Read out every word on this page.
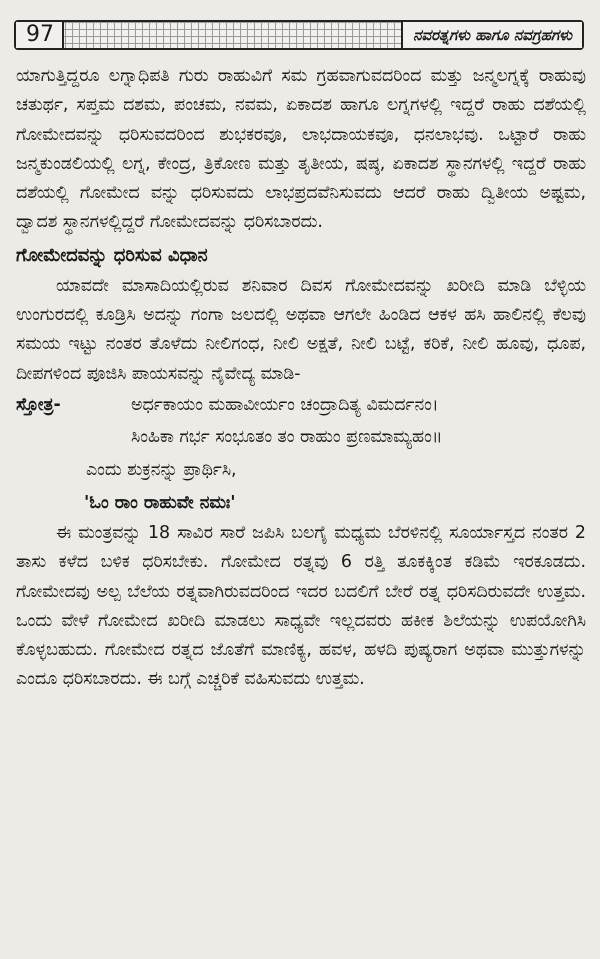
97	ನವರತ್ನಗಳು ಹಾಗೂ ನವಗ್ರಹಗಳು

ಯಾಗುತ್ತಿದ್ದರೂ ಲಗ್ನಾಧಿಪತಿ ಗುರು ರಾಹುವಿಗೆ ಸಮ ಗ್ರಹವಾಗುವದರಿಂದ ಮತ್ತು ಜನ್ಮಲಗ್ನಕ್ಕೆ ರಾಹುವು ಚತುರ್ಥ, ಸಪ್ತಮ ದಶಮ, ಪಂಚಮ, ನವಮ, ಏಕಾದಶ ಹಾಗೂ ಲಗ್ನಗಳಲ್ಲಿ ಇದ್ದರೆ ರಾಹು ದಶೆಯಲ್ಲಿ ಗೋಮೇದವನ್ನು ಧರಿಸುವದರಿಂದ ಶುಭಕರವೂ, ಲಾಭದಾಯಕವೂ, ಧನಲಾಭವು. ಒಟ್ಟಾರೆ ರಾಹು ಜನ್ಮಕುಂಡಲಿಯಲ್ಲಿ ಲಗ್ನ, ಕೇಂದ್ರ, ತ್ರಿಕೋಣ ಮತ್ತು ತೃತೀಯ, ಷಷ್ಠ, ಏಕಾದಶ ಸ್ಥಾನಗಳಲ್ಲಿ ಇದ್ದರೆ ರಾಹು ದಶೆಯಲ್ಲಿ ಗೋಮೇದ ವನ್ನು ಧರಿಸುವದು ಲಾಭಪ್ರದವೆನಿಸುವದು ಆದರೆ ರಾಹು ದ್ವಿತೀಯ ಅಷ್ಟಮ, ದ್ವಾದಶ ಸ್ಥಾನಗಳಲ್ಲಿದ್ದರೆ ಗೋಮೇದವನ್ನು ಧರಿಸಬಾರದು.

ಗೋಮೇದವನ್ನು ಧರಿಸುವ ವಿಧಾನ

ಯಾವದೇ ಮಾಸಾದಿಯಲ್ಲಿರುವ ಶನಿವಾರ ದಿವಸ ಗೋಮೇದವನ್ನು ಖರೀದಿ ಮಾಡಿ ಬೆಳ್ಳಿಯ ಉಂಗುರದಲ್ಲಿ ಕೂಡ್ರಿಸಿ ಅದನ್ನು ಗಂಗಾ ಜಲದಲ್ಲಿ ಅಥವಾ ಆಗಲೇ ಹಿಂಡಿದ ಆಕಳ ಹಸಿ ಹಾಲಿನಲ್ಲಿ ಕೆಲವು ಸಮಯ ಇಟ್ಟು ನಂತರ ತೊಳೆದು ನೀಲಿಗಂಧ, ನೀಲಿ ಅಕ್ಷತೆ, ನೀಲಿ ಬಟ್ಟೆ, ಕರಿಕೆ, ನೀಲಿ ಹೂವು, ಧೂಪ, ದೀಪಗಳಿಂದ ಪೂಜಿಸಿ ಪಾಯಸವನ್ನು ನೈವೇದ್ಯ ಮಾಡಿ-

ಸ್ತೋತ್ರ-	ಅರ್ಧಕಾಯಂ ಮಹಾವೀರ್ಯಂ ಚಂದ್ರಾದಿತ್ಯ ವಿಮರ್ದನಂ।

ಸಿಂಹಿಕಾ ಗರ್ಭ ಸಂಭೂತಂ ತಂ ರಾಹುಂ ಪ್ರಣಮಾಮ್ಯಹಂ॥

ಎಂದು ಶುಕ್ರನನ್ನು ಪ್ರಾರ್ಥಿಸಿ,

'ಓಂ ರಾಂ ರಾಹುವೇ ನಮಃ'

ಈ ಮಂತ್ರವನ್ನು 18 ಸಾವಿರ ಸಾರೆ ಜಪಿಸಿ ಬಲಗೈ ಮಧ್ಯಮ ಬೆರಳಿನಲ್ಲಿ ಸೂರ್ಯಾಸ್ತದ ನಂತರ 2 ತಾಸು ಕಳೆದ ಬಳಿಕ ಧರಿಸಬೇಕು. ಗೋಮೇದ ರತ್ನವು 6 ರತ್ತಿ ತೂಕಕ್ಕಿಂತ ಕಡಿಮೆ ಇರಕೂಡದು. ಗೋಮೇದವು ಅಲ್ಪ ಬೆಲೆಯ ರತ್ನವಾಗಿರುವದರಿಂದ ಇದರ ಬದಲಿಗೆ ಬೇರೆ ರತ್ನ ಧರಿಸದಿರುವದೇ ಉತ್ತಮ. ಒಂದು ವೇಳೆ ಗೋಮೇದ ಖರೀದಿ ಮಾಡಲು ಸಾಧ್ಯವೇ ಇಲ್ಲದವರು ಹಕೀಕ ಶಿಲೆಯನ್ನು ಉಪಯೋಗಿಸಿ ಕೊಳ್ಳಬಹುದು. ಗೋಮೇದ ರತ್ನದ ಜೊತೆಗೆ ಮಾಣಿಕ್ಯ, ಹವಳ, ಹಳದಿ ಪುಷ್ಯರಾಗ ಅಥವಾ ಮುತ್ತುಗಳನ್ನು ಎಂದೂ ಧರಿಸಬಾರದು. ಈ ಬಗ್ಗೆ ಎಚ್ಚರಿಕೆ ವಹಿಸುವದು ಉತ್ತಮ.
